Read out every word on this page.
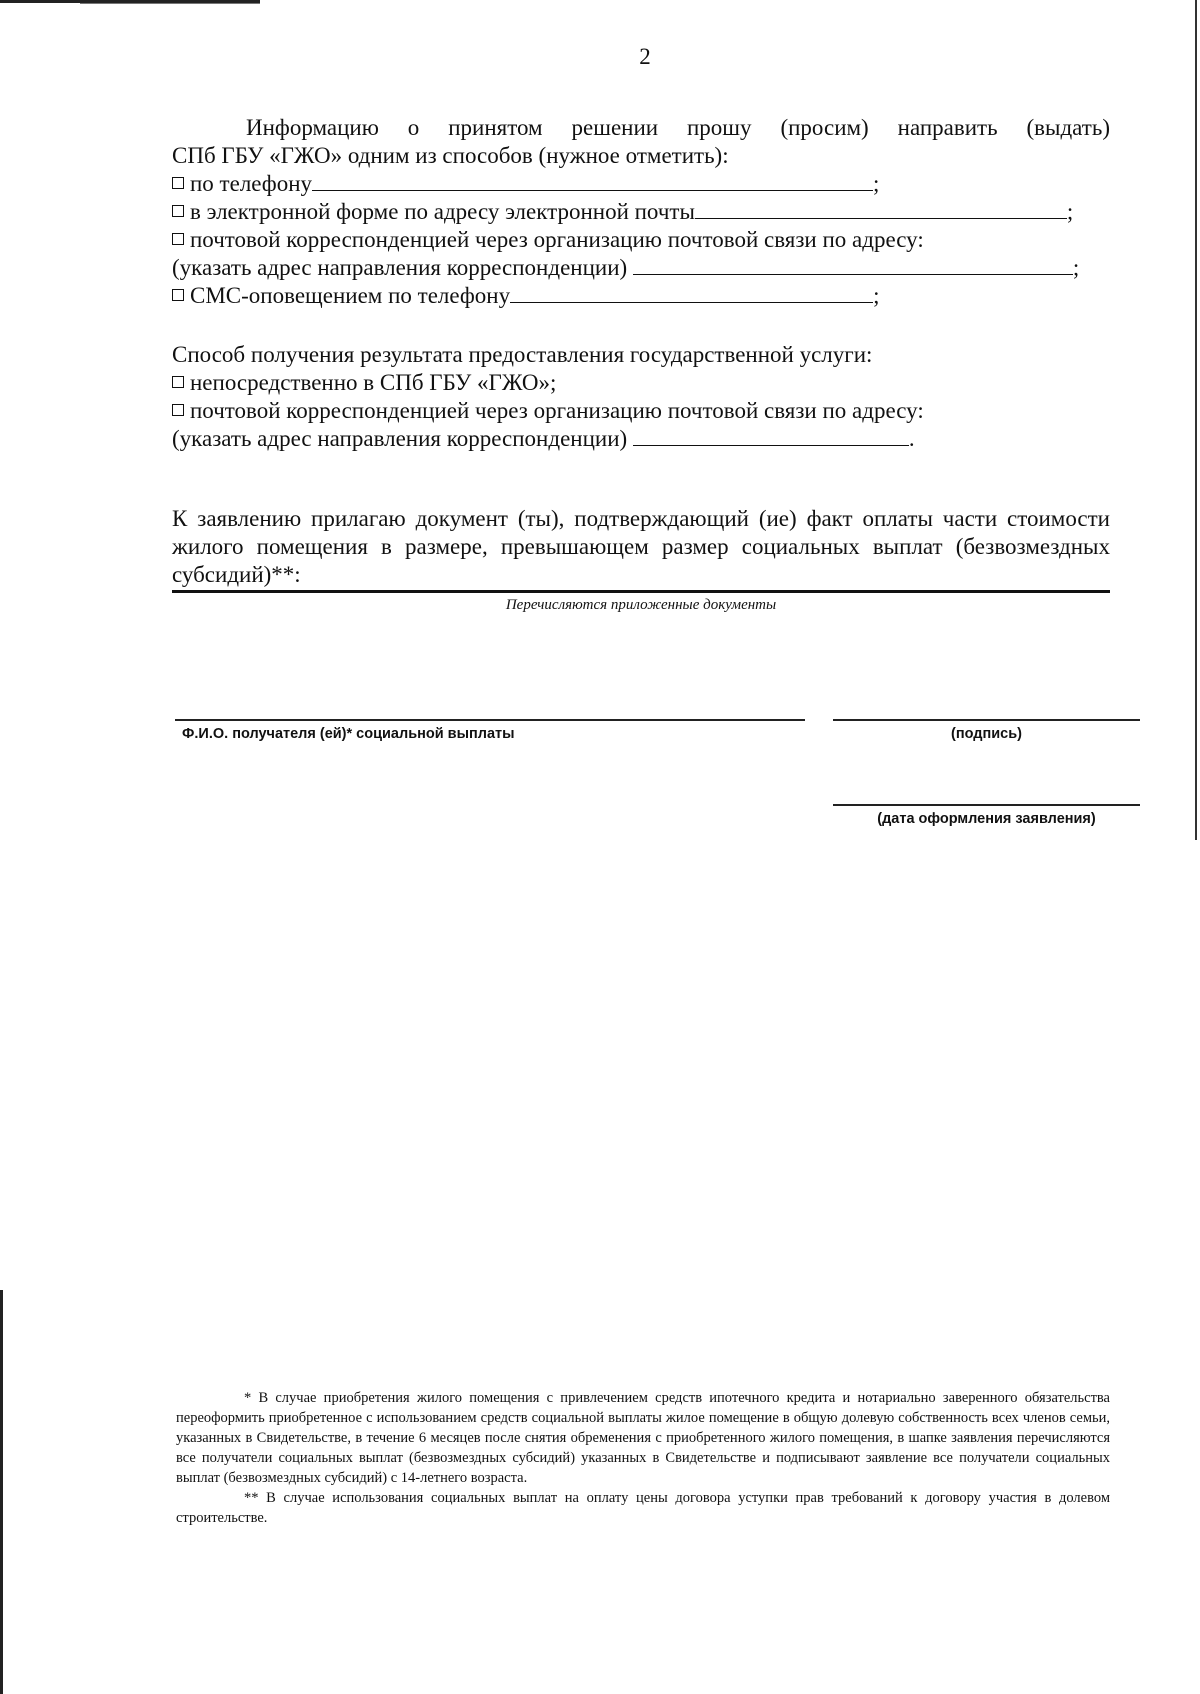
2
Информацию о принятом решении прошу (просим) направить (выдать)
СПб ГБУ «ГЖО» одним из способов (нужное отметить):
по телефону	;
в электронной форме по адресу электронной почты	;
почтовой корреспонденцией через организацию почтовой связи по адресу:
(указать адрес направления корреспонденции)	;
СМС-оповещением по телефону	;
Способ получения результата предоставления государственной услуги:
непосредственно в СПб ГБУ «ГЖО»;
почтовой корреспонденцией через организацию почтовой связи по адресу:
(указать адрес направления корреспонденции)	.
К заявлению прилагаю документ (ты), подтверждающий (ие) факт оплаты части стоимости
жилого помещения в размере, превышающем размер социальных выплат (безвозмездных
субсидий)**:
Перечисляются приложенные документы
Ф.И.О. получателя (ей)* социальной выплаты	(подпись)
(дата оформления заявления)
* В случае приобретения жилого помещения с привлечением средств ипотечного кредита и нотариально заверенного обязательства переоформить приобретенное с использованием средств социальной выплаты жилое помещение в общую долевую собственность всех членов семьи, указанных в Свидетельстве, в течение 6 месяцев после снятия обременения с приобретенного жилого помещения, в шапке заявления перечисляются все получатели социальных выплат (безвозмездных субсидий) указанных в Свидетельстве и подписывают заявление все получатели социальных выплат (безвозмездных субсидий) с 14-летнего возраста.
** В случае использования социальных выплат на оплату цены договора уступки прав требований к договору участия в долевом строительстве.
